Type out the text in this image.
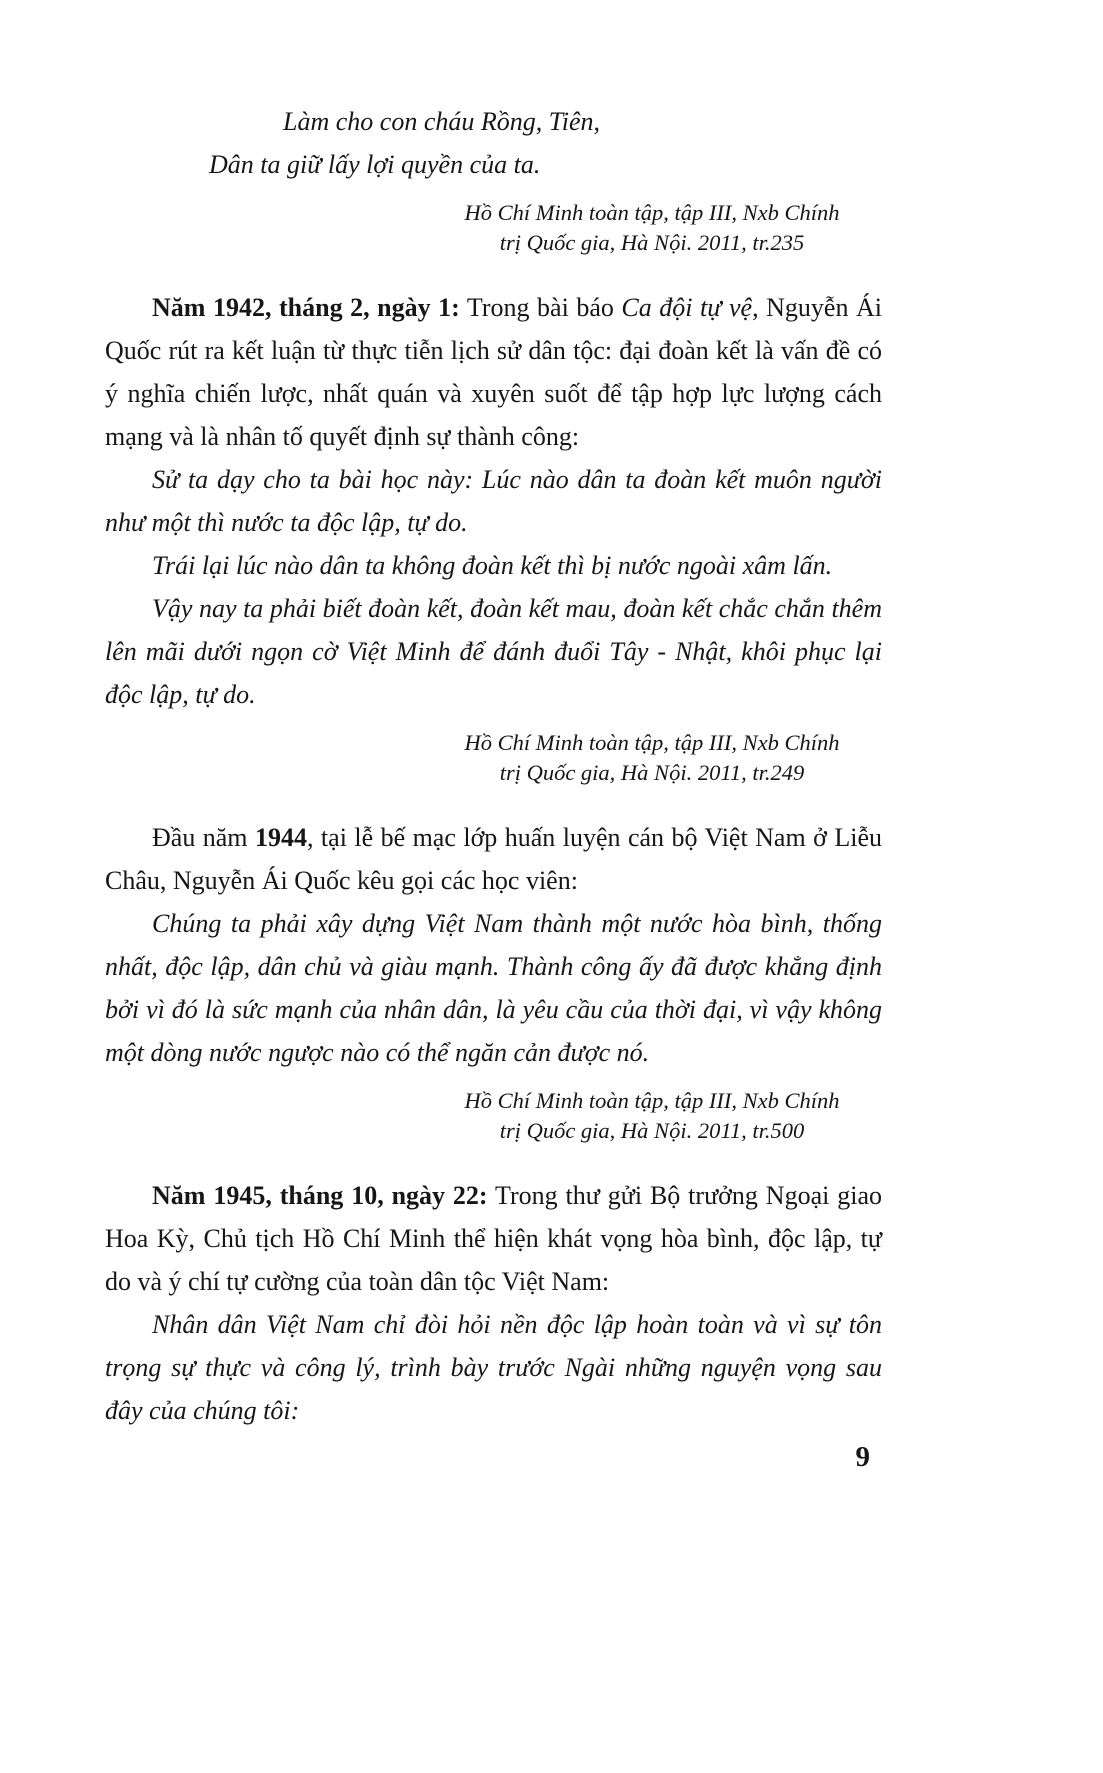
Làm cho con cháu Rồng, Tiên,
Dân ta giữ lấy lợi quyền của ta.
Hồ Chí Minh toàn tập, tập III, Nxb Chính
trị Quốc gia, Hà Nội. 2011, tr.235

Năm 1942, tháng 2, ngày 1: Trong bài báo Ca đội tự vệ, Nguyễn Ái Quốc rút ra kết luận từ thực tiễn lịch sử dân tộc: đại đoàn kết là vấn đề có ý nghĩa chiến lược, nhất quán và xuyên suốt để tập hợp lực lượng cách mạng và là nhân tố quyết định sự thành công:

Sử ta dạy cho ta bài học này: Lúc nào dân ta đoàn kết muôn người như một thì nước ta độc lập, tự do.

Trái lại lúc nào dân ta không đoàn kết thì bị nước ngoài xâm lấn.

Vậy nay ta phải biết đoàn kết, đoàn kết mau, đoàn kết chắc chắn thêm lên mãi dưới ngọn cờ Việt Minh để đánh đuổi Tây - Nhật, khôi phục lại độc lập, tự do.

Hồ Chí Minh toàn tập, tập III, Nxb Chính
trị Quốc gia, Hà Nội. 2011, tr.249

Đầu năm 1944, tại lễ bế mạc lớp huấn luyện cán bộ Việt Nam ở Liễu Châu, Nguyễn Ái Quốc kêu gọi các học viên:

Chúng ta phải xây dựng Việt Nam thành một nước hòa bình, thống nhất, độc lập, dân chủ và giàu mạnh. Thành công ấy đã được khẳng định bởi vì đó là sức mạnh của nhân dân, là yêu cầu của thời đại, vì vậy không một dòng nước ngược nào có thể ngăn cản được nó.

Hồ Chí Minh toàn tập, tập III, Nxb Chính
trị Quốc gia, Hà Nội. 2011, tr.500

Năm 1945, tháng 10, ngày 22: Trong thư gửi Bộ trưởng Ngoại giao Hoa Kỳ, Chủ tịch Hồ Chí Minh thể hiện khát vọng hòa bình, độc lập, tự do và ý chí tự cường của toàn dân tộc Việt Nam:

Nhân dân Việt Nam chỉ đòi hỏi nền độc lập hoàn toàn và vì sự tôn trọng sự thực và công lý, trình bày trước Ngài những nguyện vọng sau đây của chúng tôi:

9
